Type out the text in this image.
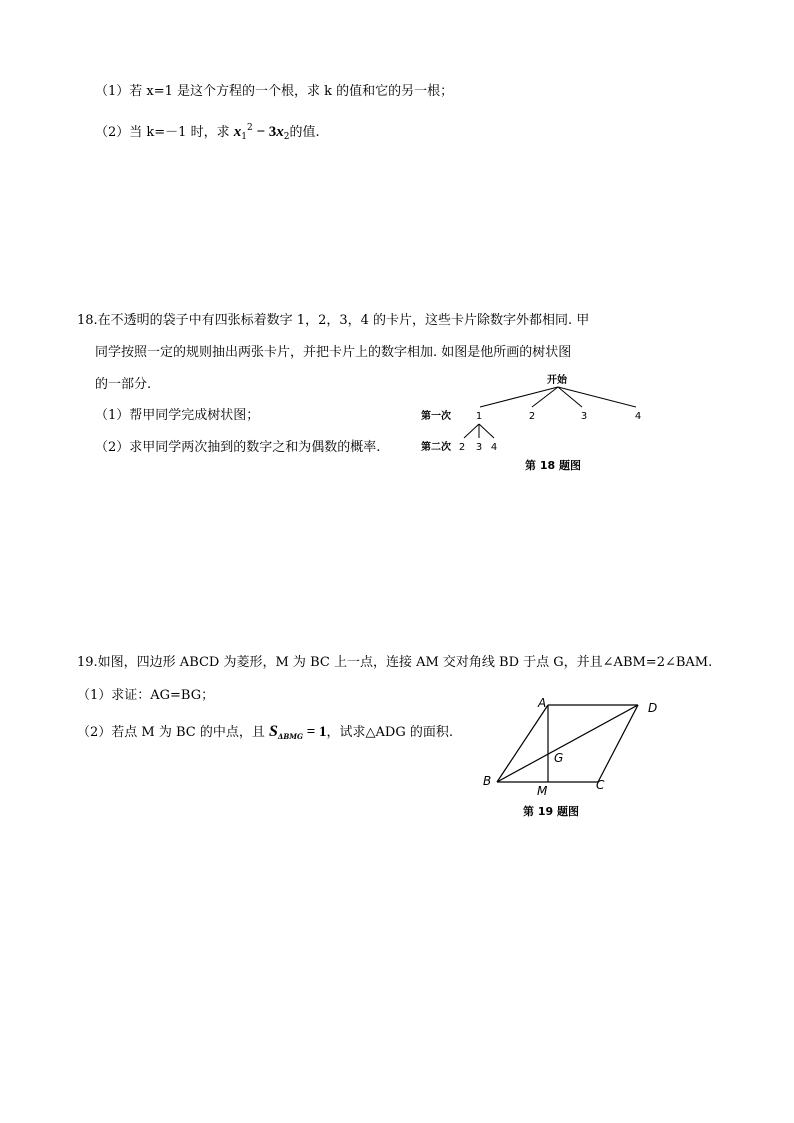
（1）若 x=1 是这个方程的一个根，求 k 的值和它的另一根；
（2）当 k=－1 时，求 $x_1^2 - 3x_2$的值.
18.在不透明的袋子中有四张标着数字 1，2，3，4 的卡片，这些卡片除数字外都相同. 甲
同学按照一定的规则抽出两张卡片，并把卡片上的数字相加. 如图是他所画的树状图
的一部分.
（1）帮甲同学完成树状图；
（2）求甲同学两次抽到的数字之和为偶数的概率.
开始
第一次
第二次
1	2	3	4
2 3 4
第 18 题图
19.如图，四边形 ABCD 为菱形，M 为 BC 上一点，连接 AM 交对角线 BD 于点 G，并且∠ABM=2∠BAM.
（1）求证：AG=BG；
（2）若点 M 为 BC 的中点，且 $S_{\Delta BMG} = 1$，试求△ADG 的面积.
A	D
G
B
M	C
第 19 题图
